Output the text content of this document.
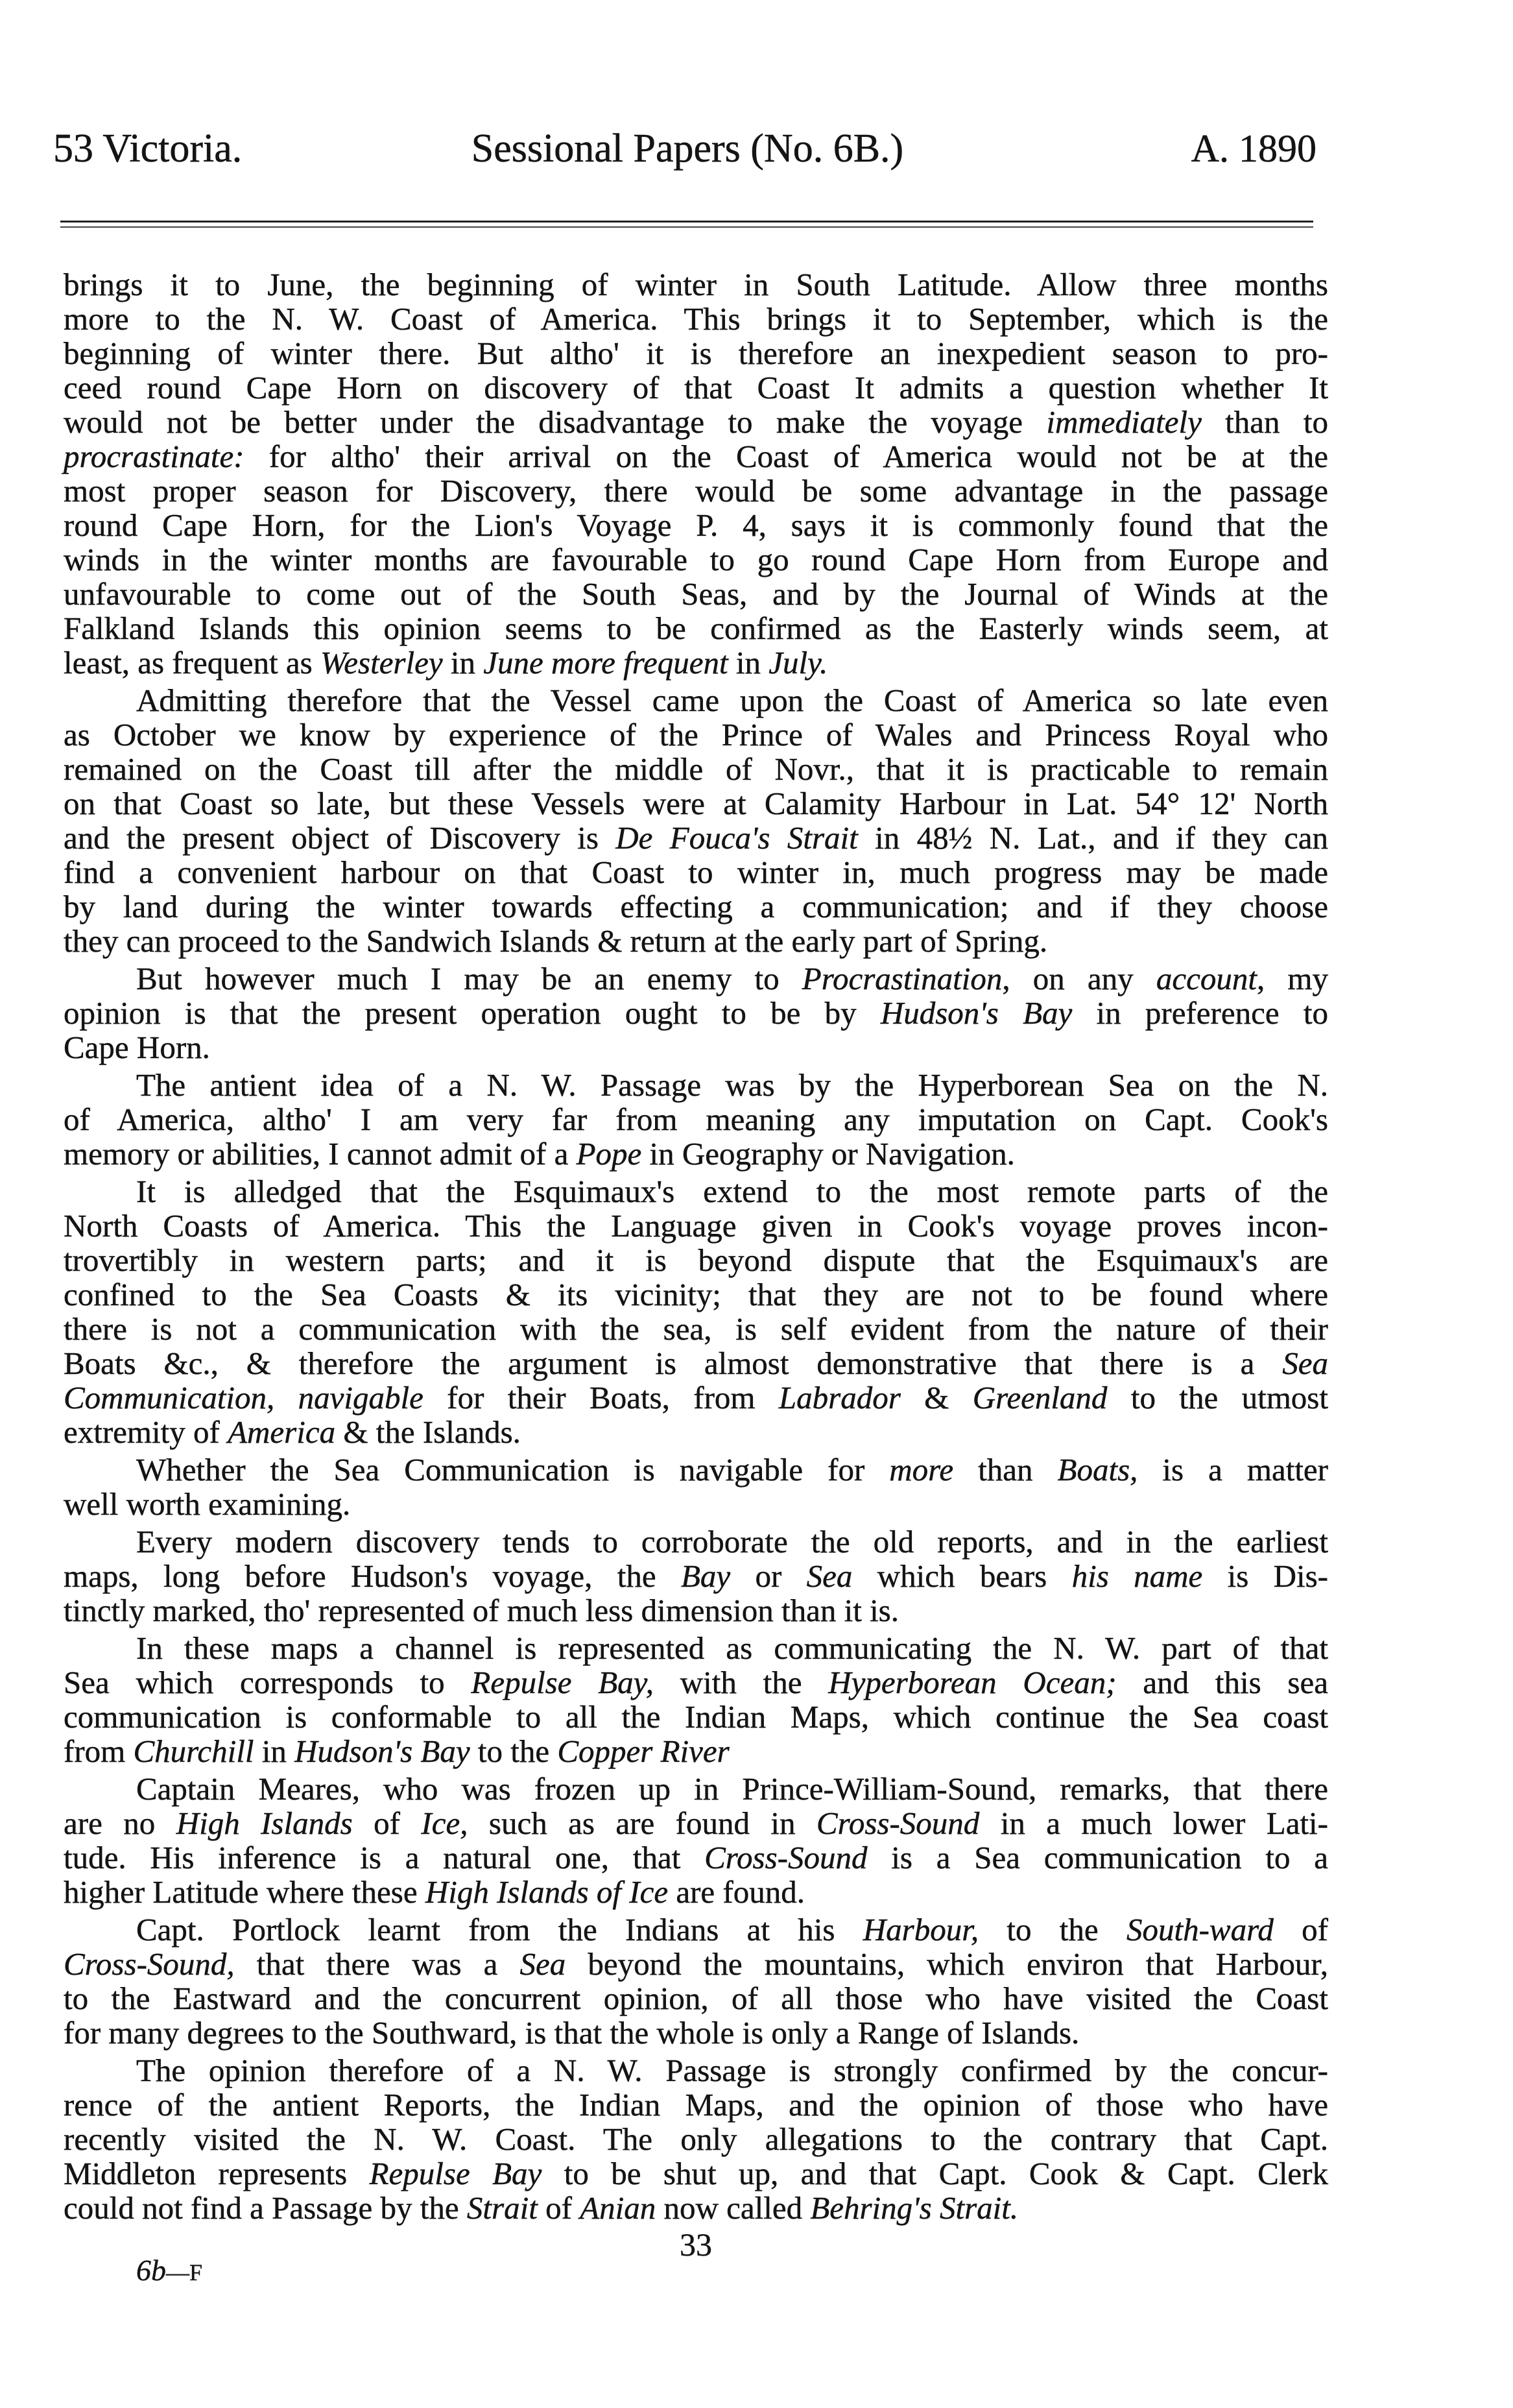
53 Victoria.	Sessional Papers (No. 6B.)	A. 1890
brings it to June, the beginning of winter in South Latitude. Allow three months
more to the N. W. Coast of America. This brings it to September, which is the
beginning of winter there. But altho' it is therefore an inexpedient season to pro-
ceed round Cape Horn on discovery of that Coast It admits a question whether It
would not be better under the disadvantage to make the voyage immediately than to
procrastinate: for altho' their arrival on the Coast of America would not be at the
most proper season for Discovery, there would be some advantage in the passage
round Cape Horn, for the Lion's Voyage P. 4, says it is commonly found that the
winds in the winter months are favourable to go round Cape Horn from Europe and
unfavourable to come out of the South Seas, and by the Journal of Winds at the
Falkland Islands this opinion seems to be confirmed as the Easterly winds seem, at
least, as frequent as Westerley in June more frequent in July.
Admitting therefore that the Vessel came upon the Coast of America so late even
as October we know by experience of the Prince of Wales and Princess Royal who
remained on the Coast till after the middle of Novr., that it is practicable to remain
on that Coast so late, but these Vessels were at Calamity Harbour in Lat. 54° 12' North
and the present object of Discovery is De Fouca's Strait in 48½ N. Lat., and if they can
find a convenient harbour on that Coast to winter in, much progress may be made
by land during the winter towards effecting a communication; and if they choose
they can proceed to the Sandwich Islands & return at the early part of Spring.
But however much I may be an enemy to Procrastination, on any account, my
opinion is that the present operation ought to be by Hudson's Bay in preference to
Cape Horn.
The antient idea of a N. W. Passage was by the Hyperborean Sea on the N.
of America, altho' I am very far from meaning any imputation on Capt. Cook's
memory or abilities, I cannot admit of a Pope in Geography or Navigation.
It is alledged that the Esquimaux's extend to the most remote parts of the
North Coasts of America. This the Language given in Cook's voyage proves incon-
trovertibly in western parts; and it is beyond dispute that the Esquimaux's are
confined to the Sea Coasts & its vicinity; that they are not to be found where
there is not a communication with the sea, is self evident from the nature of their
Boats &c., & therefore the argument is almost demonstrative that there is a Sea
Communication, navigable for their Boats, from Labrador & Greenland to the utmost
extremity of America & the Islands.
Whether the Sea Communication is navigable for more than Boats, is a matter
well worth examining.
Every modern discovery tends to corroborate the old reports, and in the earliest
maps, long before Hudson's voyage, the Bay or Sea which bears his name is Dis-
tinctly marked, tho' represented of much less dimension than it is.
In these maps a channel is represented as communicating the N. W. part of that
Sea which corresponds to Repulse Bay, with the Hyperborean Ocean; and this sea
communication is conformable to all the Indian Maps, which continue the Sea coast
from Churchill in Hudson's Bay to the Copper River
Captain Meares, who was frozen up in Prince-William-Sound, remarks, that there
are no High Islands of Ice, such as are found in Cross-Sound in a much lower Lati-
tude. His inference is a natural one, that Cross-Sound is a Sea communication to a
higher Latitude where these High Islands of Ice are found.
Capt. Portlock learnt from the Indians at his Harbour, to the South-ward of
Cross-Sound, that there was a Sea beyond the mountains, which environ that Harbour,
to the Eastward and the concurrent opinion, of all those who have visited the Coast
for many degrees to the Southward, is that the whole is only a Range of Islands.
The opinion therefore of a N. W. Passage is strongly confirmed by the concur-
rence of the antient Reports, the Indian Maps, and the opinion of those who have
recently visited the N. W. Coast. The only allegations to the contrary that Capt.
Middleton represents Repulse Bay to be shut up, and that Capt. Cook & Capt. Clerk
could not find a Passage by the Strait of Anian now called Behring's Strait.
33
6b—F
